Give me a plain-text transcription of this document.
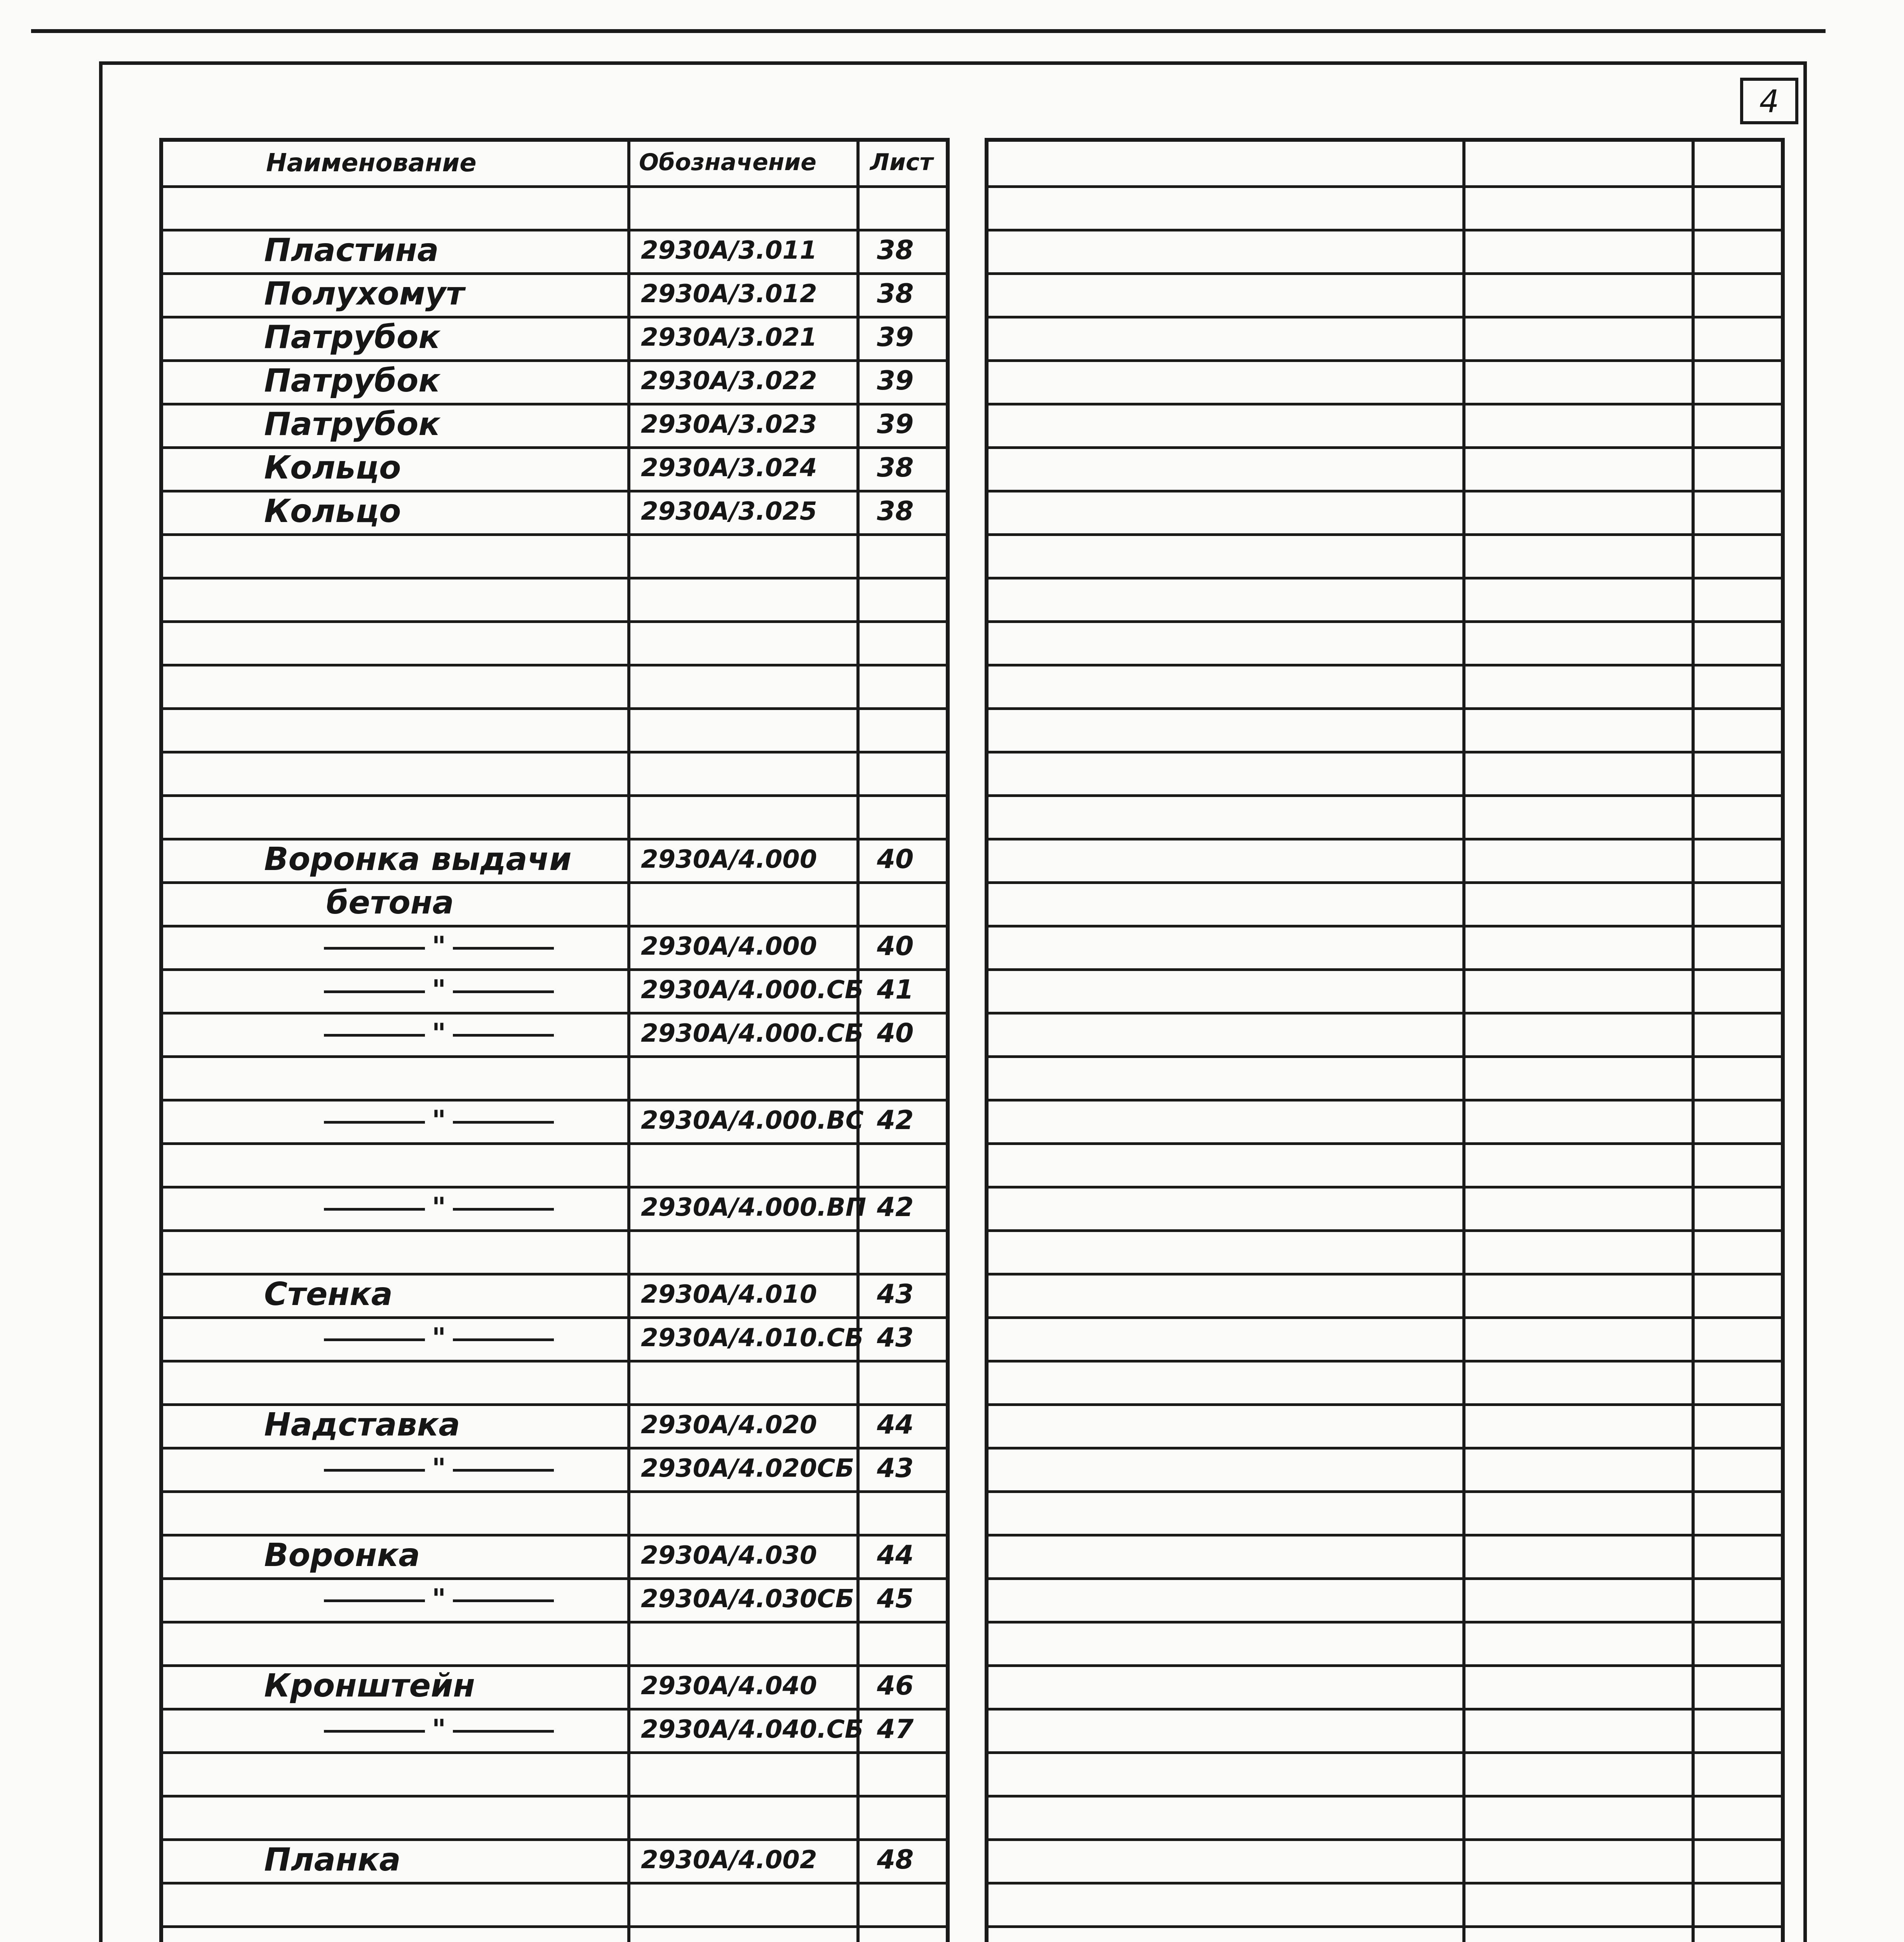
4
Наименование	Обозначение Лист
Пластина	2930А/3.011	38
Полухомут	2930А/3.012	38
Патрубок	2930А/3.021	39
Патрубок	2930А/3.022	39
Патрубок	2930А/3.023	39
Кольцо	2930А/3.024	38
Кольцо	2930А/3.025	38
Воронка выдачи	2930А/4.000	40
бетона
"	2930А/4.000	40
"	2930А/4.000.СБ 41
"	2930А/4.000.СБ 40
"	2930А/4.000.ВС 42
"	2930А/4.000.ВП 42
Стенка	2930А/4.010	43
"	2930А/4.010.СБ 43
Надставка	2930А/4.020	44
"	2930А/4.020СБ 43
Воронка	2930А/4.030	44
"	2930А/4.030СБ 45
Кронштейн	2930А/4.040	46
"	2930А/4.040.СБ 47
Планка	2930А/4.002	48
